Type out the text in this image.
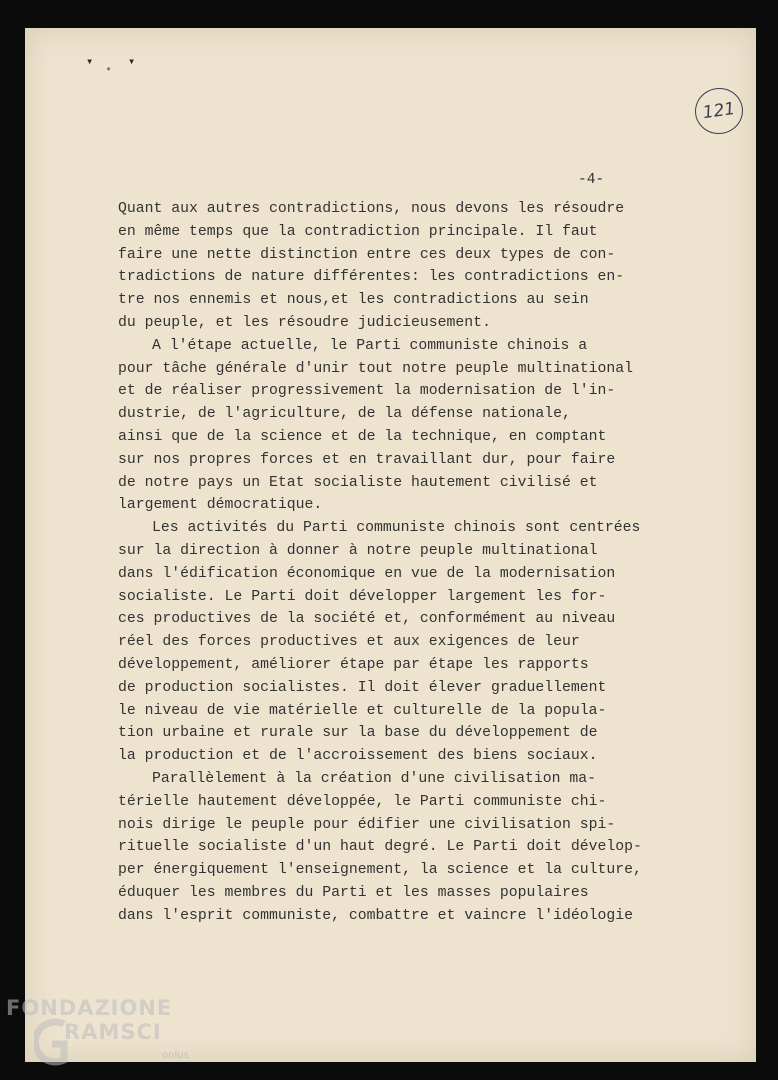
▾	▾
•
121
-4-
Quant aux autres contradictions, nous devons les résoudre
en même temps que la contradiction principale. Il faut
faire une nette distinction entre ces deux types de con-
tradictions de nature différentes: les contradictions en-
tre nos ennemis et nous,et les contradictions au sein
du peuple, et les résoudre judicieusement.
A l'étape actuelle, le Parti communiste chinois a
pour tâche générale d'unir tout notre peuple multinational
et de réaliser progressivement la modernisation de l'in-
dustrie, de l'agriculture, de la défense nationale,
ainsi que de la science et de la technique, en comptant
sur nos propres forces et en travaillant dur, pour faire
de notre pays un Etat socialiste hautement civilisé et
largement démocratique.
Les activités du Parti communiste chinois sont centrées
sur la direction à donner à notre peuple multinational
dans l'édification économique en vue de la modernisation
socialiste. Le Parti doit développer largement les for-
ces productives de la société et, conformément au niveau
réel des forces productives et aux exigences de leur
développement, améliorer étape par étape les rapports
de production socialistes. Il doit élever graduellement
le niveau de vie matérielle et culturelle de la popula-
tion urbaine et rurale sur la base du développement de
la production et de l'accroissement des biens sociaux.
Parallèlement à la création d'une civilisation ma-
térielle hautement développée, le Parti communiste chi-
nois dirige le peuple pour édifier une civilisation spi-
rituelle socialiste d'un haut degré. Le Parti doit dévelop-
per énergiquement l'enseignement, la science et la culture,
éduquer les membres du Parti et les masses populaires
dans l'esprit communiste, combattre et vaincre l'idéologie
FONDAZIONE
RAMSCI
onlus
